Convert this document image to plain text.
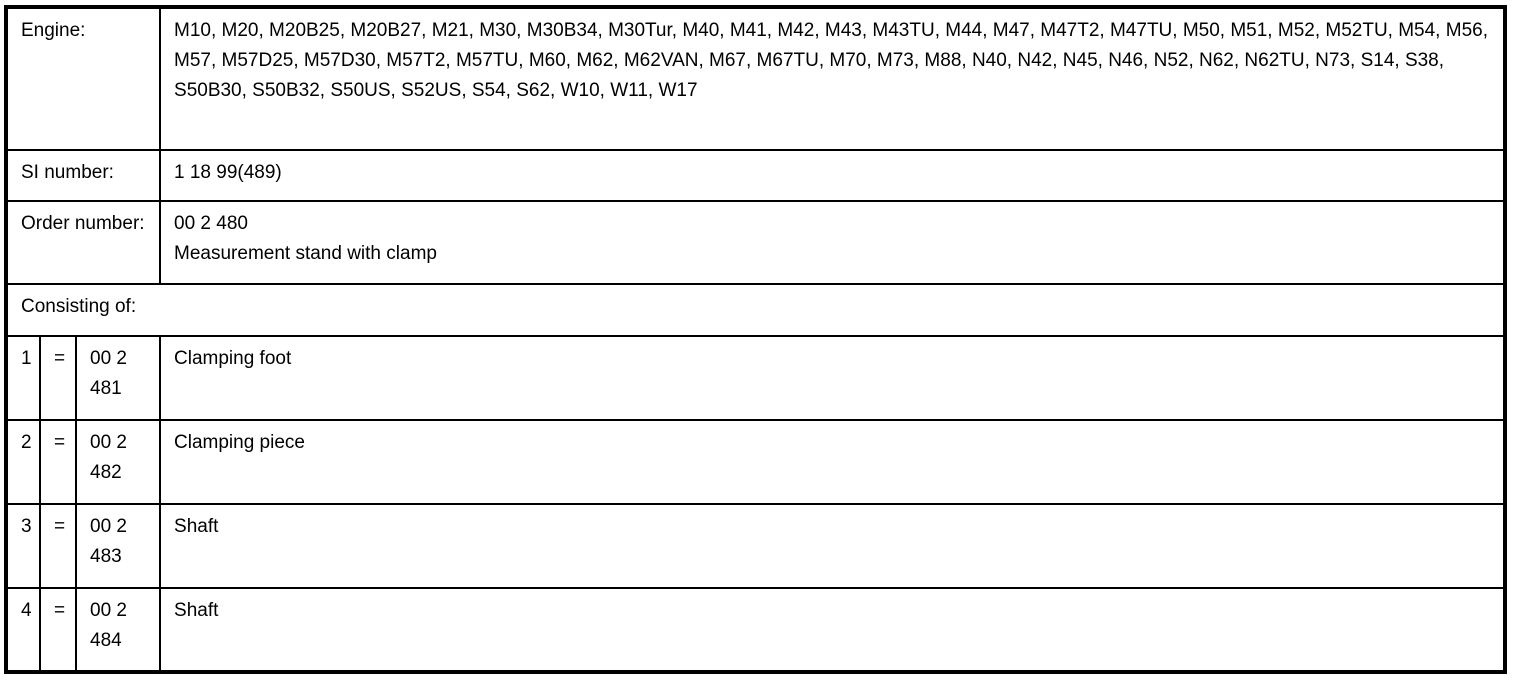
Engine:			M10, M20, M20B25, M20B27, M21, M30, M30B34, M30Tur, M40, M41, M42, M43, M43TU, M44, M47, M47T2, M47TU, M50, M51, M52, M52TU, M54, M56, M57, M57D25, M57D30, M57T2, M57TU, M60, M62, M62VAN, M67, M67TU, M70, M73, M88, N40, N42, N45, N46, N52, N62, N62TU, N73, S14, S38, S50B30, S50B32, S50US, S52US, S54, S62, W10, W11, W17
SI number:			1 18 99(489)
Order number:			00 2 480
Measurement stand with clamp

Consisting of:			
1	=	00 2 481	Clamping foot
2	=	00 2 482	Clamping piece
3	=	00 2 483	Shaft
4	=	00 2 484	Shaft
